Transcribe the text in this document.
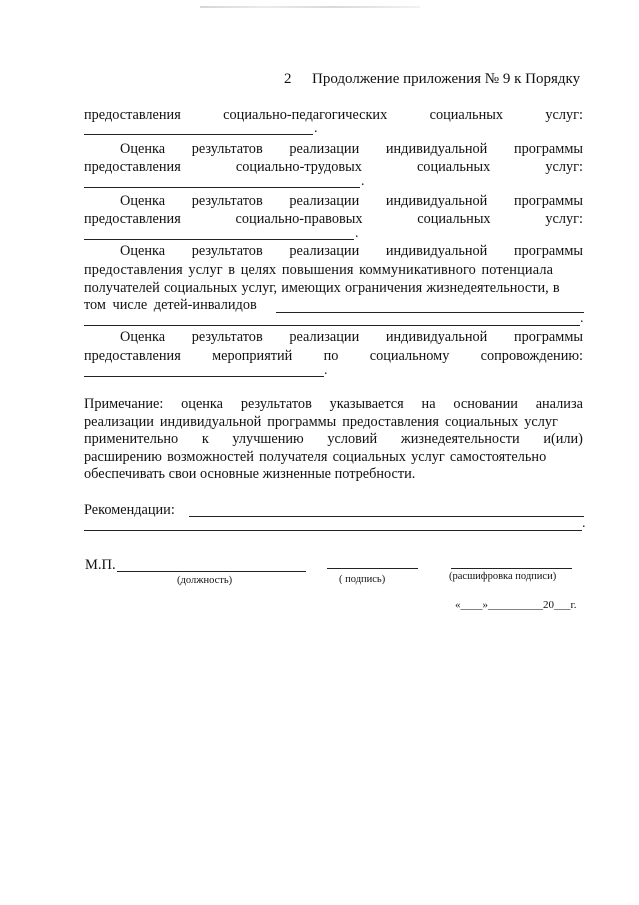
2 Продолжение приложения № 9 к Порядку
предоставления	социально-педагогических	социальных	услуг:
.
Оценка результатов реализации индивидуальной программы
предоставления	социально-трудовых	социальных	услуг:
.
Оценка результатов реализации индивидуальной программы
предоставления	социально-правовых	социальных	услуг:
.
Оценка результатов реализации индивидуальной программы
предоставления услуг в целях повышения коммуникативного потенциала
получателей социальных услуг, имеющих ограничения жизнедеятельности, в
том числе детей-инвалидов
.
Оценка результатов реализации индивидуальной программы
предоставления мероприятий по социальному сопровождению:
.
Примечание: оценка результатов указывается на основании анализа
реализации индивидуальной программы предоставления социальных услуг
применительно к улучшению условий жизнедеятельности и(или)
расширению возможностей получателя социальных услуг самостоятельно
обеспечивать свои основные жизненные потребности.
Рекомендации:
.
М.П.
(должность)	( подпись)	(расшифровка подписи)
«____»__________20___г.
